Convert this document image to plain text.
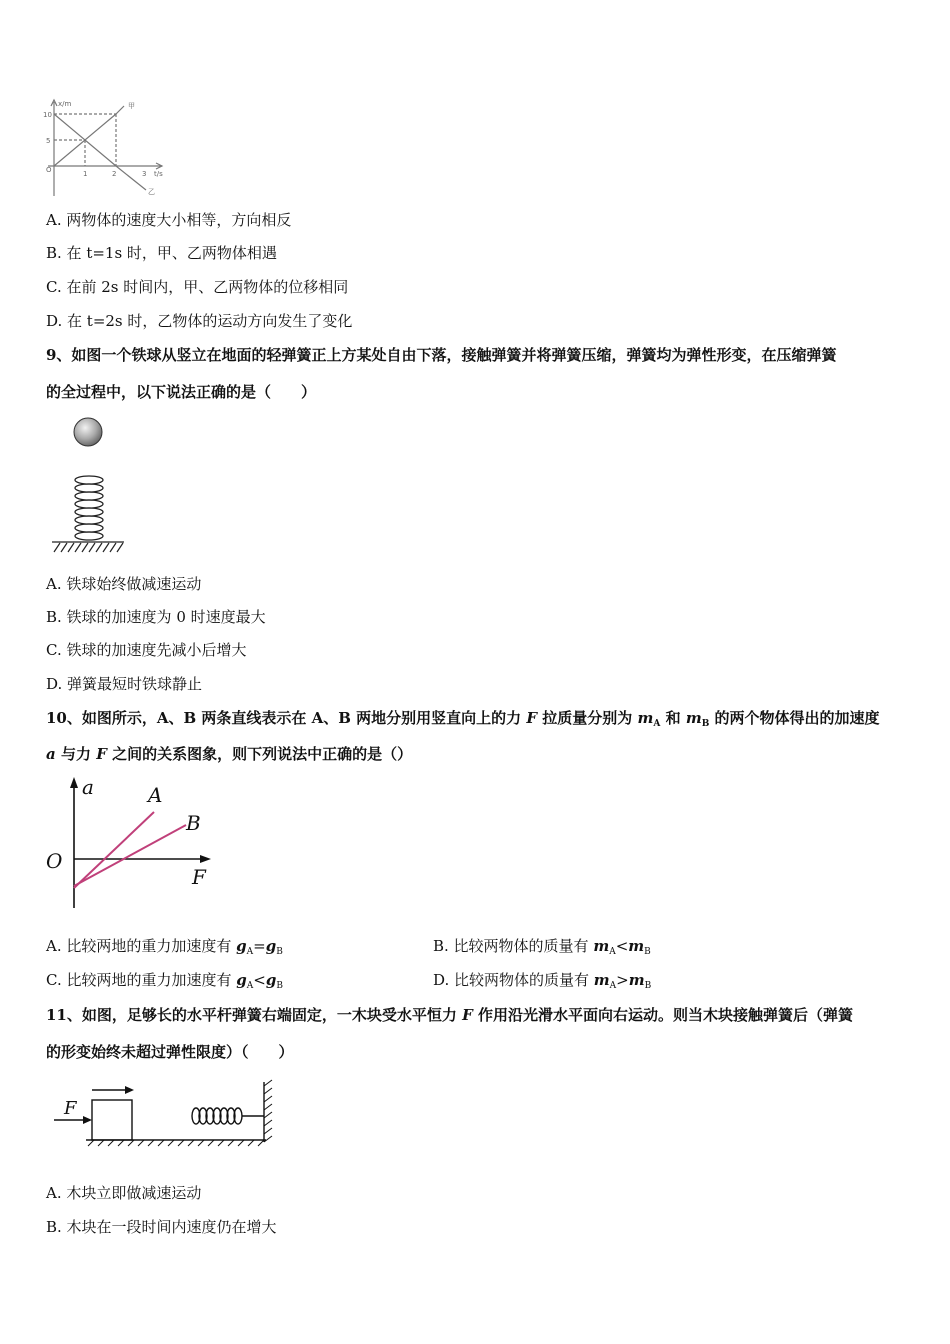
x/m
t/s
10
5
O	1	2	3
甲
乙
A. 两物体的速度大小相等，方向相反
B. 在 t=1s 时，甲、乙两物体相遇
C. 在前 2s 时间内，甲、乙两物体的位移相同
D. 在 t=2s 时，乙物体的运动方向发生了变化
9、如图一个铁球从竖立在地面的轻弹簧正上方某处自由下落，接触弹簧并将弹簧压缩，弹簧均为弹性形变，在压缩弹簧
的全过程中，以下说法正确的是（　　）
A. 铁球始终做减速运动
B. 铁球的加速度为 0 时速度最大
C. 铁球的加速度先减小后增大
D. 弹簧最短时铁球静止
10、如图所示，A、B 两条直线表示在 A、B 两地分别用竖直向上的力 F 拉质量分别为 $m_A$ 和 $m_B$ 的两个物体得出的加速度
a 与力 F 之间的关系图象，则下列说法中正确的是（）
a	A
B
O
F
A. 比较两地的重力加速度有 $g_A=g_B$	B. 比较两物体的质量有 $m_A<m_B$
C. 比较两地的重力加速度有 $g_A<g_B$	D. 比较两物体的质量有 $m_A>m_B$
11、如图，足够长的水平杆弹簧右端固定，一木块受水平恒力 F 作用沿光滑水平面向右运动。则当木块接触弹簧后（弹簧
的形变始终未超过弹性限度）（　　）
F
A. 木块立即做减速运动
B. 木块在一段时间内速度仍在增大
